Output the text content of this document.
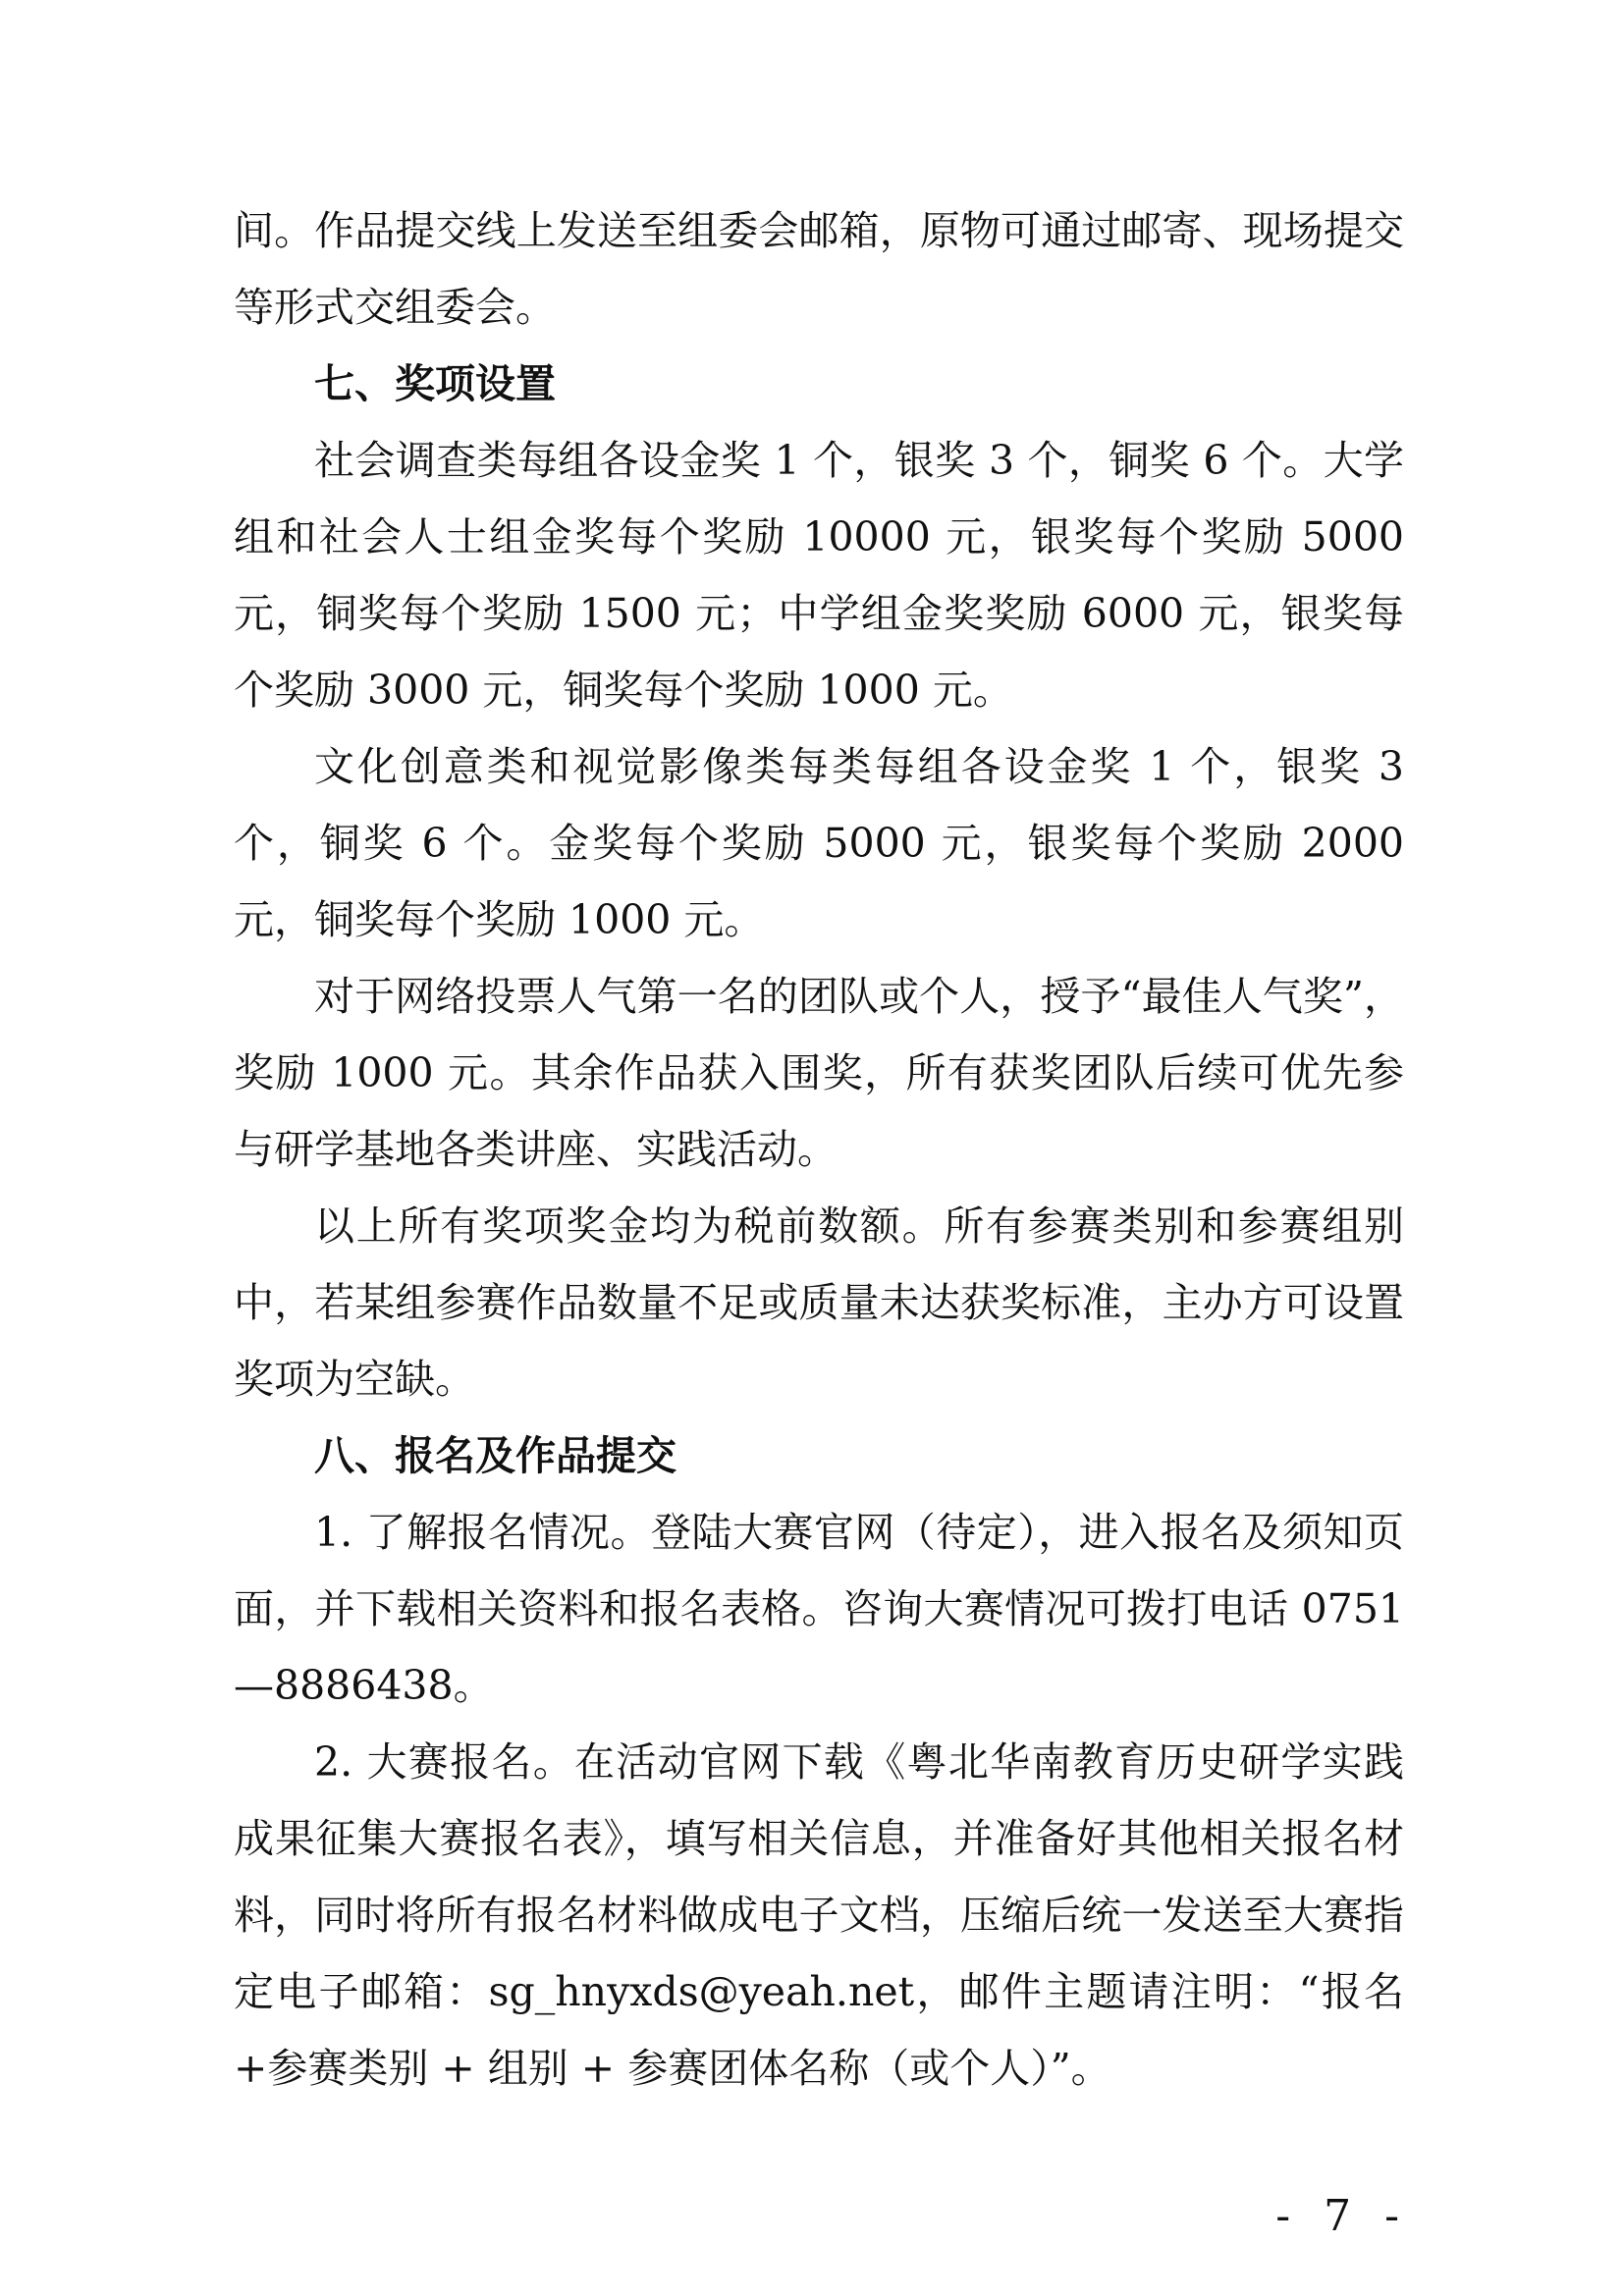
间。作品提交线上发送至组委会邮箱，原物可通过邮寄、现场提交等形式交组委会。

七、奖项设置

社会调查类每组各设金奖 1 个，银奖 3 个，铜奖 6 个。大学组和社会人士组金奖每个奖励 10000 元，银奖每个奖励 5000 元，铜奖每个奖励 1500 元；中学组金奖奖励 6000 元，银奖每个奖励 3000 元，铜奖每个奖励 1000 元。

文化创意类和视觉影像类每类每组各设金奖 1 个，银奖 3 个，铜奖 6 个。金奖每个奖励 5000 元，银奖每个奖励 2000 元，铜奖每个奖励 1000 元。

对于网络投票人气第一名的团队或个人，授予“最佳人气奖”，奖励 1000 元。其余作品获入围奖，所有获奖团队后续可优先参与研学基地各类讲座、实践活动。

以上所有奖项奖金均为税前数额。所有参赛类别和参赛组别中，若某组参赛作品数量不足或质量未达获奖标准，主办方可设置奖项为空缺。

八、报名及作品提交

1. 了解报名情况。登陆大赛官网（待定），进入报名及须知页面，并下载相关资料和报名表格。咨询大赛情况可拨打电话 0751—8886438。

2. 大赛报名。在活动官网下载《粤北华南教育历史研学实践成果征集大赛报名表》，填写相关信息，并准备好其他相关报名材料，同时将所有报名材料做成电子文档，压缩后统一发送至大赛指定电子邮箱：sg_hnyxds@yeah.net，邮件主题请注明：“报名+参赛类别 + 组别 + 参赛团体名称（或个人）”。

- 7 -
